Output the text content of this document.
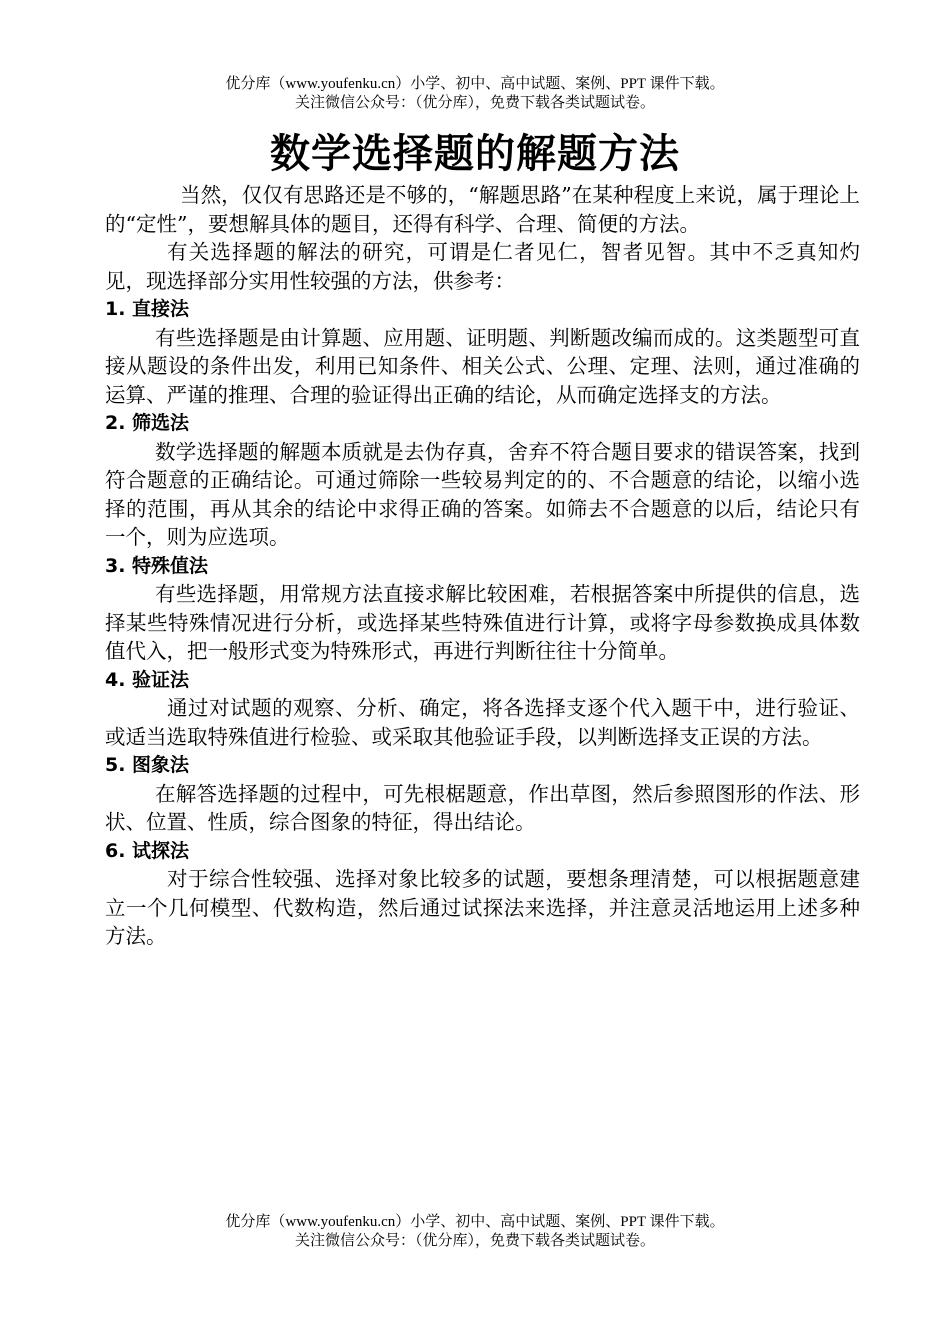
优分库（www.youfenku.cn）小学、初中、高中试题、案例、PPT 课件下载。

关注微信公众号：（优分库），免费下载各类试题试卷。

数学选择题的解题方法

当然，仅仅有思路还是不够的，“解题思路”在某种程度上来说，属于理论上的“定性”，要想解具体的题目，还得有科学、合理、简便的方法。

有关选择题的解法的研究，可谓是仁者见仁，智者见智。其中不乏真知灼见，现选择部分实用性较强的方法，供参考：

1. 直接法

有些选择题是由计算题、应用题、证明题、判断题改编而成的。这类题型可直接从题设的条件出发，利用已知条件、相关公式、公理、定理、法则，通过准确的运算、严谨的推理、合理的验证得出正确的结论，从而确定选择支的方法。

2. 筛选法

数学选择题的解题本质就是去伪存真，舍弃不符合题目要求的错误答案，找到符合题意的正确结论。可通过筛除一些较易判定的的、不合题意的结论，以缩小选择的范围，再从其余的结论中求得正确的答案。如筛去不合题意的以后，结论只有一个，则为应选项。

3. 特殊值法

有些选择题，用常规方法直接求解比较困难，若根据答案中所提供的信息，选择某些特殊情况进行分析，或选择某些特殊值进行计算，或将字母参数换成具体数值代入，把一般形式变为特殊形式，再进行判断往往十分简单。

4. 验证法

通过对试题的观察、分析、确定，将各选择支逐个代入题干中，进行验证、或适当选取特殊值进行检验、或采取其他验证手段，以判断选择支正误的方法。

5. 图象法

在解答选择题的过程中，可先根椐题意，作出草图，然后参照图形的作法、形状、位置、性质，综合图象的特征，得出结论。

6. 试探法

对于综合性较强、选择对象比较多的试题，要想条理清楚，可以根据题意建立一个几何模型、代数构造，然后通过试探法来选择，并注意灵活地运用上述多种方法。

优分库（www.youfenku.cn）小学、初中、高中试题、案例、PPT 课件下载。

关注微信公众号：（优分库），免费下载各类试题试卷。
